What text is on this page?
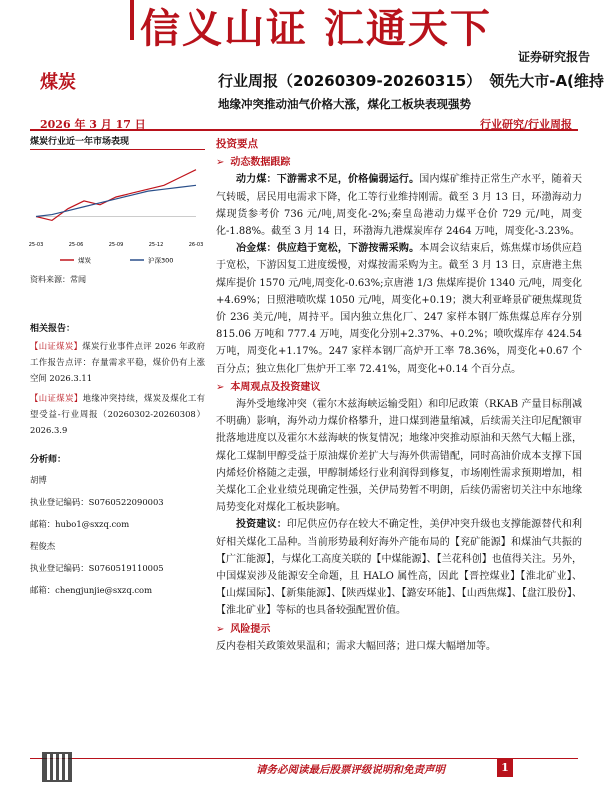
信义山证 汇通天下
证券研究报告
煤炭	行业周报（20260309-20260315） 领先大市-A(维持
地缘冲突推动油气价格大涨，煤化工板块表现强势
2026 年 3 月 17 日	行业研究/行业周报
煤炭行业近一年市场表现
25-03	25-06	25-09	25-12	26-03
煤炭	沪深300
资料来源：常闻
相关报告：
【山证煤炭】煤炭行业事件点评 2026 年政府工作报告点评：存量需求平稳，煤价仍有上涨空间 2026.3.11
【山证煤炭】地缘冲突持续，煤炭及煤化工有望受益-行业周报（20260302-20260308） 2026.3.9
分析师：

胡博

执业登记编码：S0760522090003

邮箱：hubo1@sxzq.com

程俊杰

执业登记编码：S0760519110005

邮箱：chengjunjie@sxzq.com

投资要点
➢ 动态数据跟踪

动力煤：下游需求不足，价格偏弱运行。国内煤矿维持正常生产水平，随着天气转暖，居民用电需求下降，化工等行业维持刚需。截至 3 月 13 日，环渤海动力煤现货参考价 736 元/吨,周变化-2%;秦皇岛港动力煤平仓价 729 元/吨，周变化-1.88%。截至 3 月 14 日，环渤海九港煤炭库存 2464 万吨，周变化-3.23%。

冶金煤：供应趋于宽松，下游按需采购。本周会议结束后，炼焦煤市场供应趋于宽松，下游因复工进度缓慢，对煤按需采购为主。截至 3 月 13 日，京唐港主焦煤库提价 1570 元/吨,周变化-0.63%;京唐港 1/3 焦煤库提价 1340 元/吨，周变化+4.69%；日照港喷吹煤 1050 元/吨，周变化+0.19；澳大利亚峰景矿硬焦煤现货价 236 美元/吨，周持平。国内独立焦化厂、247 家样本钢厂炼焦煤总库存分别 815.06 万吨和 777.4 万吨，周变化分别+2.37%、+0.2%；喷吹煤库存 424.54 万吨，周变化+1.17%。247 家样本钢厂高炉开工率 78.36%，周变化+0.67 个百分点；独立焦化厂焦炉开工率 72.41%，周变化+0.14 个百分点。

➢ 本周观点及投资建议

海外受地缘冲突（霍尔木兹海峡运输受阻）和印尼政策（RKAB 产量目标削减不明确）影响，海外动力煤价格攀升，进口煤到港量缩减，后续需关注印尼配额审批落地进度以及霍尔木兹海峡的恢复情况；地缘冲突推动原油和天然气大幅上涨，煤化工煤制甲醇受益于原油煤价差扩大与海外供需错配，同时高油价成本支撑下国内烯烃价格随之走强，甲醇制烯烃行业利润得到修复，市场刚性需求预期增加，相关煤化工企业业绩兑现确定性强，关伊局势暂不明朗，后续仍需密切关注中东地缘局势变化对煤化工板块影响。

投资建议：印尼供应仍存在较大不确定性，美伊冲突升级也支撑能源替代和利好相关煤化工品种。当前形势最利好海外产能布局的【兖矿能源】和煤油气共振的【广汇能源】，与煤化工高度关联的【中煤能源】、【兰花科创】也值得关注。另外，中国煤炭涉及能源安全命题，且 HALO 属性高，因此【晋控煤业】【淮北矿业】、【山煤国际】、【新集能源】、【陕西煤业】、【潞安环能】、【山西焦煤】、【盘江股份】、【淮北矿业】等标的也具备较强配置价值。

➢ 风险提示

反内卷相关政策效果温和；需求大幅回落；进口煤大幅增加等。

请务必阅读最后股票评级说明和免责声明	1
